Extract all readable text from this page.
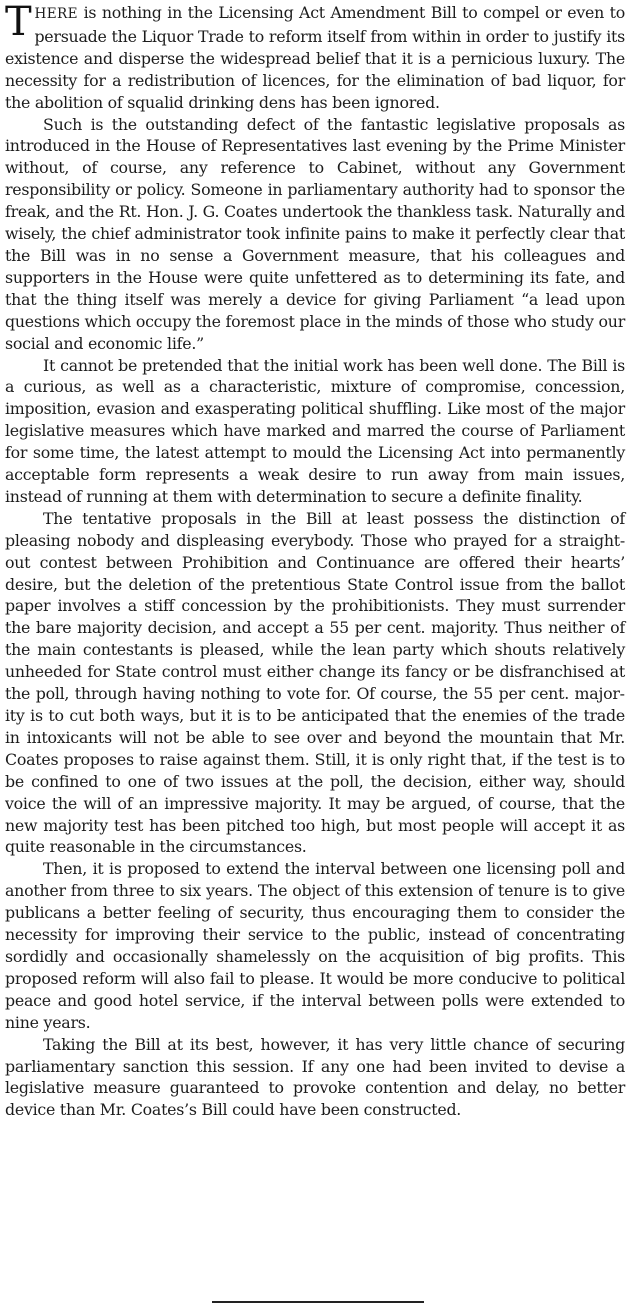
THERE is nothing in the Licensing Act Amendment Bill to compel or even to persuade the Liquor Trade to reform itself from within in order to justify its existence and disperse the widespread belief that it is a pernicious luxury. The necessity for a redistribution of licences, for the elimination of bad liquor, for the abolition of squalid drinking dens has been ignored.

Such is the outstanding defect of the fantastic legislative proposals as introduced in the House of Representatives last evening by the Prime Minister without, of course, any reference to Cabinet, without any Government responsibility or policy. Someone in parliamentary authority had to sponsor the freak, and the Rt. Hon. J. G. Coates undertook the thankless task. Naturally and wisely, the chief administrator took infinite pains to make it perfectly clear that the Bill was in no sense a Government measure, that his colleagues and supporters in the House were quite unfettered as to determining its fate, and that the thing itself was merely a device for giving Parliament “a lead upon questions which occupy the foremost place in the minds of those who study our social and economic life.”

It cannot be pretended that the initial work has been well done. The Bill is a curious, as well as a characteristic, mixture of compromise, concession, imposition, evasion and exasperating political shuffling. Like most of the major legislative measures which have marked and marred the course of Parliament for some time, the latest attempt to mould the Licensing Act into permanently acceptable form represents a weak desire to run away from main issues, instead of running at them with determination to secure a definite finality.

The tentative proposals in the Bill at least possess the distinction of pleasing nobody and displeasing everybody. Those who prayed for a straight-out contest between Prohibition and Continuance are offered their hearts’ desire, but the deletion of the pretentious State Control issue from the ballot paper involves a stiff concession by the prohibitionists. They must surrender the bare majority decision, and accept a 55 per cent. majority. Thus neither of the main contestants is pleased, while the lean party which shouts relatively unheeded for State control must either change its fancy or be disfranchised at the poll, through having nothing to vote for. Of course, the 55 per cent. majority is to cut both ways, but it is to be anticipated that the enemies of the trade in intoxicants will not be able to see over and beyond the mountain that Mr. Coates proposes to raise against them. Still, it is only right that, if the test is to be confined to one of two issues at the poll, the decision, either way, should voice the will of an impressive majority. It may be argued, of course, that the new majority test has been pitched too high, but most people will accept it as quite reasonable in the circumstances.

Then, it is proposed to extend the interval between one licensing poll and another from three to six years. The object of this extension of tenure is to give publicans a better feeling of security, thus encouraging them to consider the necessity for improving their service to the public, instead of concentrating sordidly and occasionally shamelessly on the acquisition of big profits. This proposed reform will also fail to please. It would be more conducive to political peace and good hotel service, if the interval between polls were extended to nine years.

Taking the Bill at its best, however, it has very little chance of securing parliamentary sanction this session. If any one had been invited to devise a legislative measure guaranteed to provoke contention and delay, no better device than Mr. Coates’s Bill could have been constructed.
